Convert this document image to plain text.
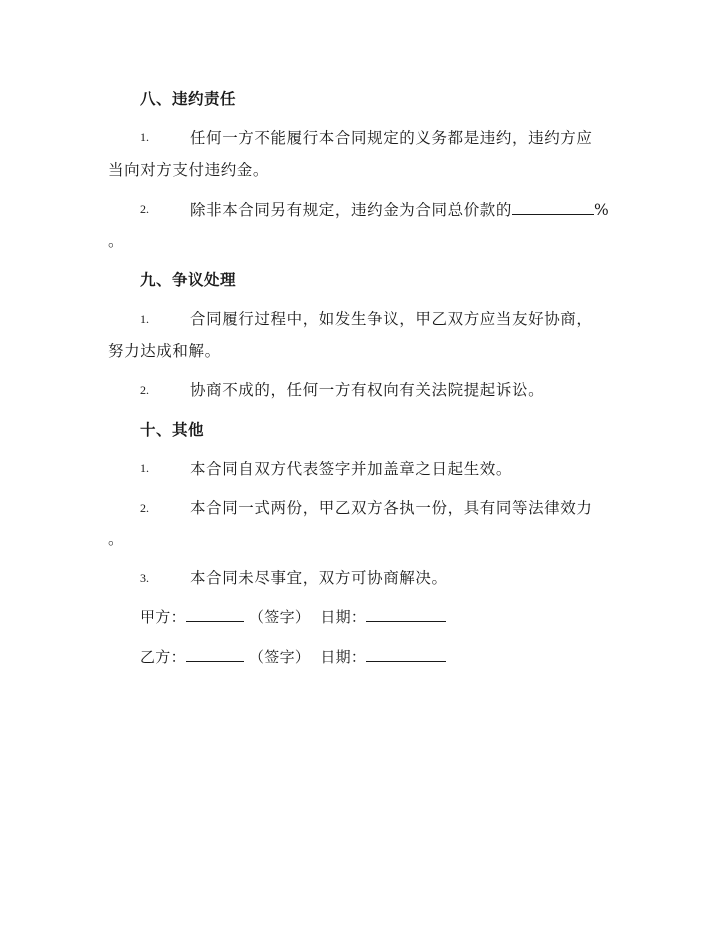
八、违约责任
1.	任何一方不能履行本合同规定的义务都是违约，违约方应
当向对方支付违约金。
2.	除非本合同另有规定，违约金为合同总价款的	%
。
九、争议处理
1.	合同履行过程中，如发生争议，甲乙双方应当友好协商，
努力达成和解。
2.	协商不成的，任何一方有权向有关法院提起诉讼。
十、其他
1.	本合同自双方代表签字并加盖章之日起生效。
2.	本合同一式两份，甲乙双方各执一份，具有同等法律效力
。
3.	本合同未尽事宜，双方可协商解决。
甲方：	（签字） 日期：
乙方：	（签字） 日期：
